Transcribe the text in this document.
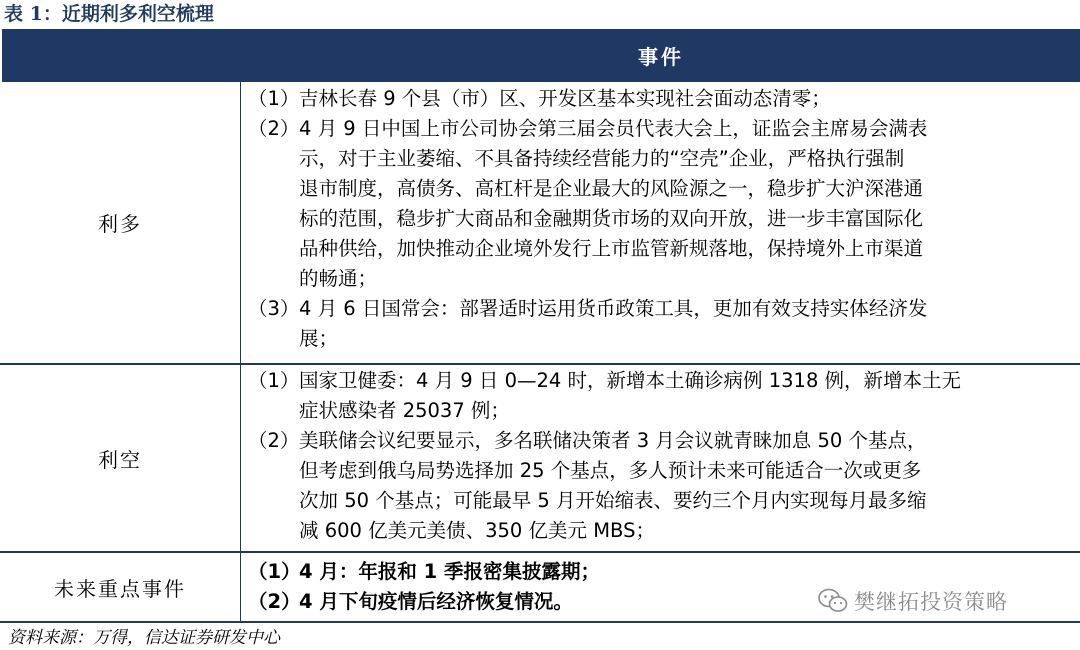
表 1：近期利多利空梳理
事件
利多
（1） 吉林长春 9 个县（市）区、开发区基本实现社会面动态清零；
（2） 4 月 9 日中国上市公司协会第三届会员代表大会上，证监会主席易会满表
示，对于主业萎缩、不具备持续经营能力的“空壳”企业，严格执行强制
退市制度，高债务、高杠杆是企业最大的风险源之一，稳步扩大沪深港通
标的范围，稳步扩大商品和金融期货市场的双向开放，进一步丰富国际化
品种供给，加快推动企业境外发行上市监管新规落地，保持境外上市渠道
的畅通；
（3） 4 月 6 日国常会：部署适时运用货币政策工具，更加有效支持实体经济发
展；
利空
（1） 国家卫健委：4 月 9 日 0—24 时，新增本土确诊病例 1318 例，新增本土无
症状感染者 25037 例；
（2） 美联储会议纪要显示，多名联储决策者 3 月会议就青睐加息 50 个基点，
但考虑到俄乌局势选择加 25 个基点，多人预计未来可能适合一次或更多
次加 50 个基点；可能最早 5 月开始缩表、要约三个月内实现每月最多缩
减 600 亿美元美债、350 亿美元 MBS；
未来重点事件
（1）
4 月：年报和 1 季报密集披露期；
（2）
4 月下旬疫情后经济恢复情况。	樊继拓投资策略
资料来源：万得，信达证券研发中心
